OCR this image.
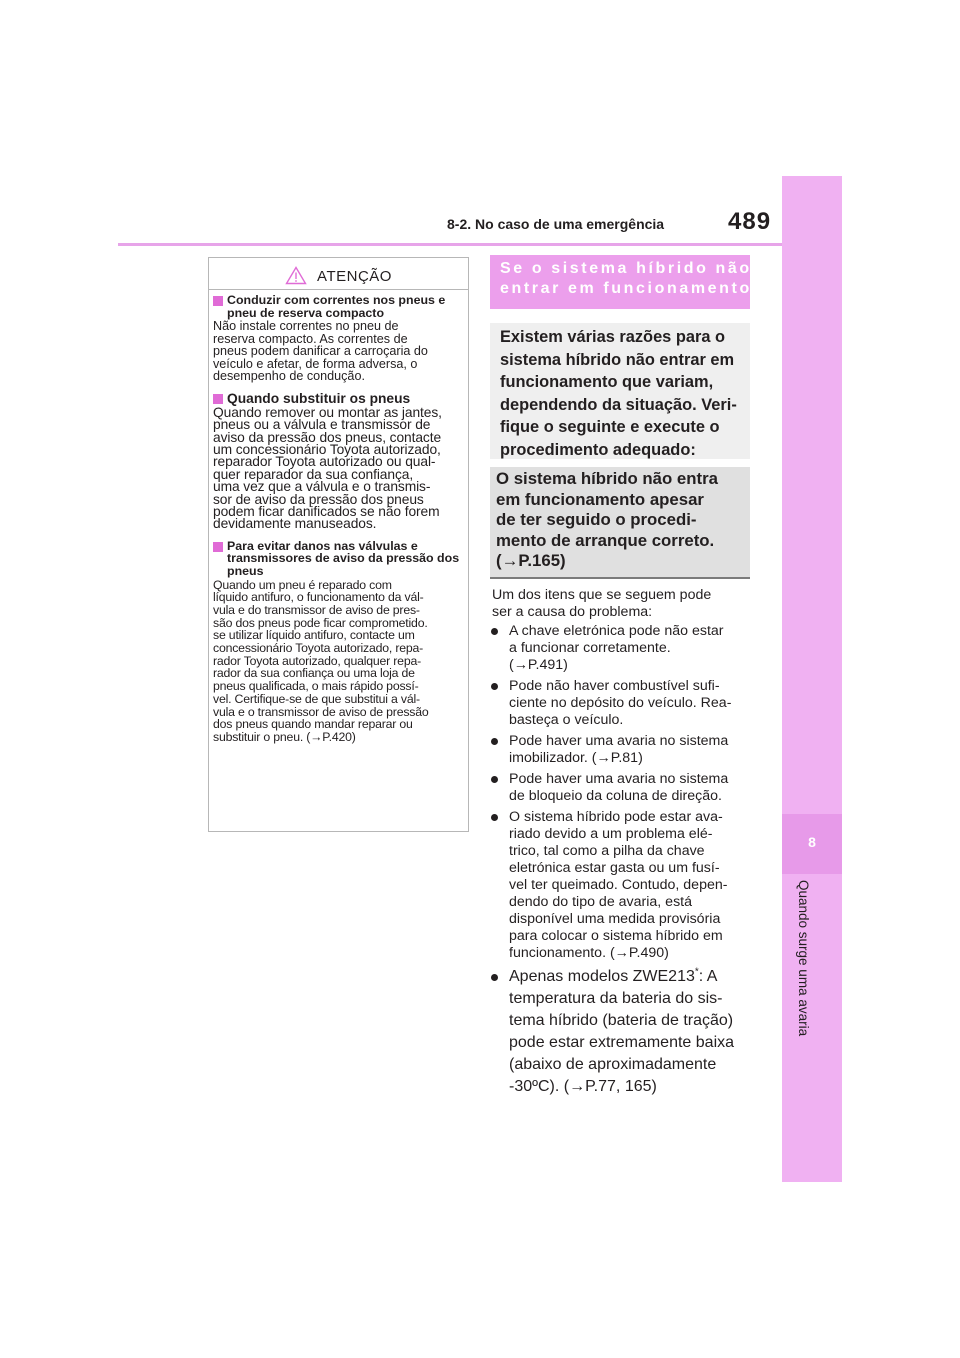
8-2. No caso de uma emergência	489
8
Quando surge uma avaria
ATENÇÃO
Conduzir com correntes nos pneus e pneu de reserva compacto
Não instale correntes no pneu de
reserva compacto. As correntes de
pneus podem danificar a carroçaria do
veículo e afetar, de forma adversa, o
desempenho de condução.
Quando substituir os pneus
Quando remover ou montar as jantes,
pneus ou a válvula e transmissor de
aviso da pressão dos pneus, contacte
um concessionário Toyota autorizado,
reparador Toyota autorizado ou qual-
quer reparador da sua confiança,
uma vez que a válvula e o transmis-
sor de aviso da pressão dos pneus
podem ficar danificados se não forem
devidamente manuseados.
Para evitar danos nas válvulas e transmissores de aviso da pressão dos pneus
Quando um pneu é reparado com
líquido antifuro, o funcionamento da vál-
vula e do transmissor de aviso de pres-
são dos pneus pode ficar comprometido.
se utilizar líquido antifuro, contacte um
concessionário Toyota autorizado, repa-
rador Toyota autorizado, qualquer repa-
rador da sua confiança ou uma loja de
pneus qualificada, o mais rápido possí-
vel. Certifique-se de que substitui a vál-
vula e o transmissor de aviso de pressão
dos pneus quando mandar reparar ou
substituir o pneu. (→P.420)
Se o sistema híbrido não
entrar em funcionamento
Existem várias razões para o
sistema híbrido não entrar em
funcionamento que variam,
dependendo da situação. Veri-
fique o seguinte e execute o
procedimento adequado:
O sistema híbrido não entra
em funcionamento apesar
de ter seguido o procedi-
mento de arranque correto.
(→P.165)
Um dos itens que se seguem pode
ser a causa do problema:
A chave eletrónica pode não estar
a funcionar corretamente.
(→P.491)
Pode não haver combustível sufi-
ciente no depósito do veículo. Rea-
basteça o veículo.
Pode haver uma avaria no sistema
imobilizador. (→P.81)
Pode haver uma avaria no sistema
de bloqueio da coluna de direção.
O sistema híbrido pode estar ava-
riado devido a um problema elé-
trico, tal como a pilha da chave
eletrónica estar gasta ou um fusí-
vel ter queimado. Contudo, depen-
dendo do tipo de avaria, está
disponível uma medida provisória
para colocar o sistema híbrido em
funcionamento. (→P.490)
Apenas modelos ZWE213*: A
temperatura da bateria do sis-
tema híbrido (bateria de tração)
pode estar extremamente baixa
(abaixo de aproximadamente
-30ºC). (→P.77, 165)
